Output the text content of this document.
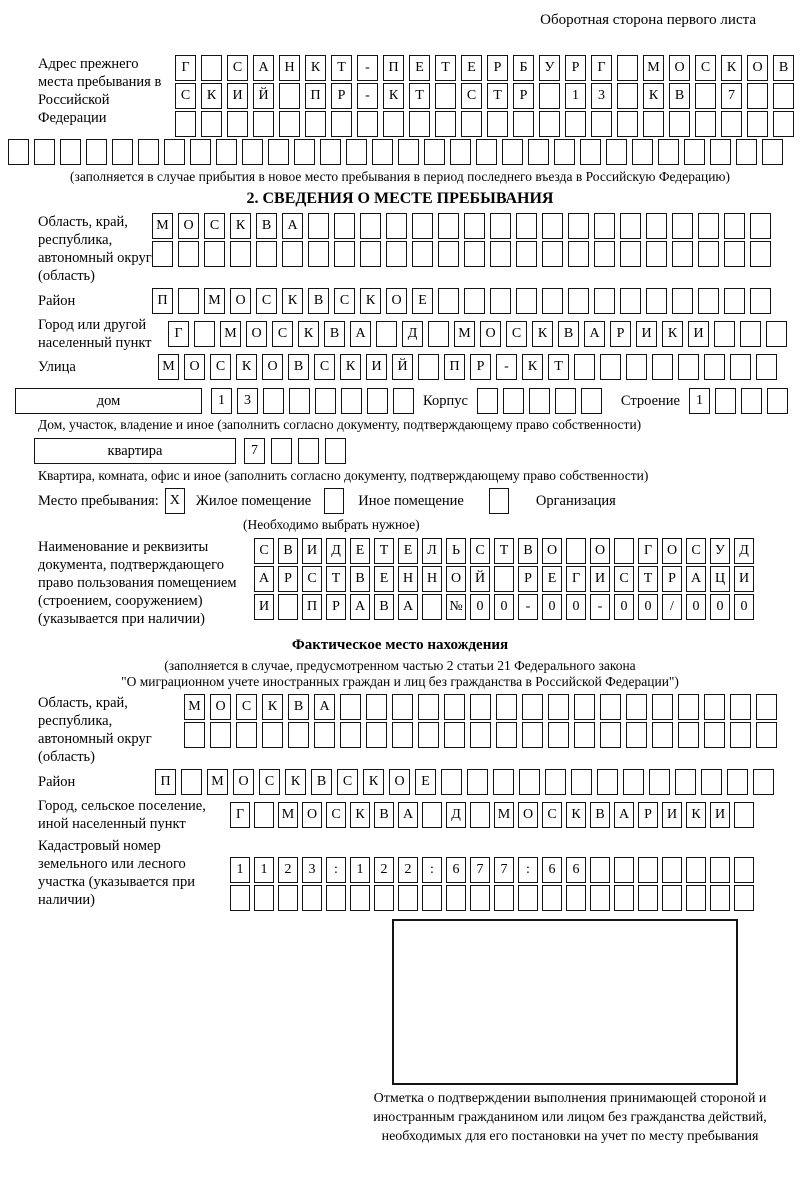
Оборотная сторона первого листа
Адрес прежнего места пребывания в Российской Федерации
Г	С	А	Н	К	Т	-	П	Е	Т	Е	Р	Б	У	Р	Г	М	О	С	К	О	В
С	К	И	Й	П	Р	-	К	Т	С	Т	Р	1	3	К	В	7
(заполняется в случае прибытия в новое место пребывания в период последнего въезда в Российскую Федерацию)
2. СВЕДЕНИЯ О МЕСТЕ ПРЕБЫВАНИЯ
Область, край, республика, автономный округ (область)
М	О	С	К	В	А
Район	П	М	О	С	К	В	С	К	О	Е
Город или другой населенный пункт
Г	М	О	С	К	В	А	Д	М	О	С	К	В	А	Р	И	К	И
Улица	М	О	С	К	О	В	С	К	И	Й	П	Р	-	К	Т
дом	1	3	Корпус	Строение	1
Дом, участок, владение и иное (заполнить согласно документу, подтверждающему право собственности)
квартира	7
Квартира, комната, офис и иное (заполнить согласно документу, подтверждающему право собственности)
Место пребывания: X	Жилое помещение	Иное помещение	Организация
(Необходимо выбрать нужное)
Наименование и реквизиты документа, подтверждающего право пользования помещением (строением, сооружением) (указывается при наличии)
С	В	И	Д	Е	Т	Е	Л	Ь	С	Т	В	О	О	Г	О	С	У	Д
А	Р	С	Т	В	Е	Н Н О Й	Р	Е	Г	И	С	Т	Р	А Ц И
И	П	Р	А	В	А	№ 0	0	-	0	0	-	0	0	/	0	0	0
Фактическое место нахождения
(заполняется в случае, предусмотренном частью 2 статьи 21 Федерального закона
"О миграционном учете иностранных граждан и лиц без гражданства в Российской Федерации")
Область, край, республика, автономный округ (область)
М	О	С	К	В	А
Район	П	М	О	С	К	В	С	К	О	Е
Город, сельское поселение, иной населенный пункт
Г	М О	С	К	В	А	Д	М О	С	К	В	А	Р	И	К	И
Кадастровый номер земельного или лесного участка (указывается при наличии)
1	1	2	3	:	1	2	2	:	6	7	7	:	6	6
Отметка о подтверждении выполнения принимающей стороной и иностранным гражданином или лицом без гражданства действий, необходимых для его постановки на учет по месту пребывания
